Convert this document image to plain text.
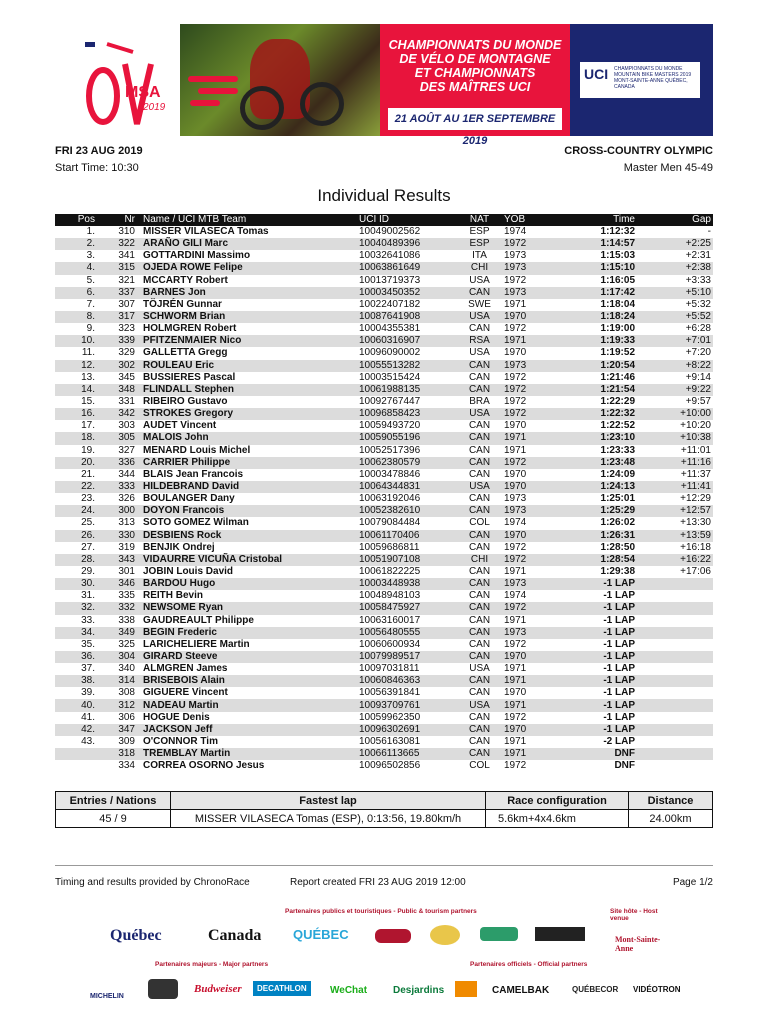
MSA
2019
CHAMPIONNATS DU MONDE
DE VÉLO DE MONTAGNE
ET CHAMPIONNATS
DES MAÎTRES UCI
21 AOÛT AU 1ER SEPTEMBRE 2019
UCI CHAMPIONNATS DU MONDE MOUNTAIN BIKE MASTERS 2019 MONT-SAINTE-ANNE QUÉBEC, CANADA
FRI 23 AUG 2019
Start Time: 10:30
CROSS-COUNTRY OLYMPIC
Master Men 45-49
Individual Results
Pos	Nr	Name / UCI MTB Team	UCI ID	NAT	YOB	Time	Gap
1.	310	MISSER VILASECA Tomas	10049002562	ESP	1974	1:12:32	-
2.	322	ARAÑO GILI Marc	10040489396	ESP	1972	1:14:57	+2:25
3.	341	GOTTARDINI Massimo	10032641086	ITA	1973	1:15:03	+2:31
4.	315	OJEDA ROWE Felipe	10063861649	CHI	1973	1:15:10	+2:38
5.	321	MCCARTY Robert	10013719373	USA	1972	1:16:05	+3:33
6.	337	BARNES Jon	10003450352	CAN	1973	1:17:42	+5:10
7.	307	TÖJRÉN Gunnar	10022407182	SWE	1971	1:18:04	+5:32
8.	317	SCHWORM Brian	10087641908	USA	1970	1:18:24	+5:52
9.	323	HOLMGREN Robert	10004355381	CAN	1972	1:19:00	+6:28
10.	339	PFITZENMAIER Nico	10060316907	RSA	1971	1:19:33	+7:01
11.	329	GALLETTA Gregg	10096090002	USA	1970	1:19:52	+7:20
12.	302	ROULEAU Eric	10055513282	CAN	1973	1:20:54	+8:22
13.	345	BUSSIERES Pascal	10003515424	CAN	1972	1:21:46	+9:14
14.	348	FLINDALL Stephen	10061988135	CAN	1972	1:21:54	+9:22
15.	331	RIBEIRO Gustavo	10092767447	BRA	1972	1:22:29	+9:57
16.	342	STROKES Gregory	10096858423	USA	1972	1:22:32	+10:00
17.	303	AUDET Vincent	10059493720	CAN	1970	1:22:52	+10:20
18.	305	MALOIS John	10059055196	CAN	1971	1:23:10	+10:38
19.	327	MENARD Louis Michel	10052517396	CAN	1971	1:23:33	+11:01
20.	336	CARRIER Philippe	10062380579	CAN	1972	1:23:48	+11:16
21.	344	BLAIS Jean Francois	10003478846	CAN	1970	1:24:09	+11:37
22.	333	HILDEBRAND David	10064344831	USA	1970	1:24:13	+11:41
23.	326	BOULANGER Dany	10063192046	CAN	1973	1:25:01	+12:29
24.	300	DOYON Francois	10052382610	CAN	1973	1:25:29	+12:57
25.	313	SOTO GOMEZ Wilman	10079084484	COL	1974	1:26:02	+13:30
26.	330	DESBIENS Rock	10061170406	CAN	1970	1:26:31	+13:59
27.	319	BENJIK Ondrej	10059686811	CAN	1972	1:28:50	+16:18
28.	343	VIDAURRE VICUÑA Cristobal	10051907108	CHI	1972	1:28:54	+16:22
29.	301	JOBIN Louis David	10061822225	CAN	1971	1:29:38	+17:06
30.	346	BARDOU Hugo	10003448938	CAN	1973	-1 LAP	
31.	335	REITH Bevin	10048948103	CAN	1974	-1 LAP	
32.	332	NEWSOME Ryan	10058475927	CAN	1972	-1 LAP	
33.	338	GAUDREAULT Philippe	10063160017	CAN	1971	-1 LAP	
34.	349	BEGIN Frederic	10056480555	CAN	1973	-1 LAP	
35.	325	LARICHELIERE Martin	10060600934	CAN	1972	-1 LAP	
36.	304	GIRARD Steeve	10079989517	CAN	1970	-1 LAP	
37.	340	ALMGREN James	10097031811	USA	1971	-1 LAP	
38.	314	BRISEBOIS Alain	10060846363	CAN	1971	-1 LAP	
39.	308	GIGUERE Vincent	10056391841	CAN	1970	-1 LAP	
40.	312	NADEAU Martin	10093709761	USA	1971	-1 LAP	
41.	306	HOGUE Denis	10059962350	CAN	1972	-1 LAP	
42.	347	JACKSON Jeff	10096302691	CAN	1970	-1 LAP	
43.	309	O'CONNOR Tim	10056163081	CAN	1971	-2 LAP	
	318	TREMBLAY Martin	10066113665	CAN	1971	DNF	
	334	CORREA OSORNO Jesus	10096502856	COL	1972	DNF	
Entries / Nations	Fastest lap	Race configuration	Distance
45 / 9	MISSER VILASECA Tomas (ESP), 0:13:56, 19.80km/h	5.6km+4x4.6km	24.00km
Timing and results provided by ChronoRace	Report created FRI 23 AUG 2019 12:00	Page 1/2
Partenaires publics et touristiques - Public & tourism partners	Site hôte - Host venue
Québec	Canada QUÉBEC	Mont-Sainte-Anne
Partenaires majeurs - Major partners	Partenaires officiels - Official partners
MICHELIN
Budweiser	DECATHLON	WeChat	Desjardins	CAMELBAK	QUÉBECOR VIDÉOTRON
